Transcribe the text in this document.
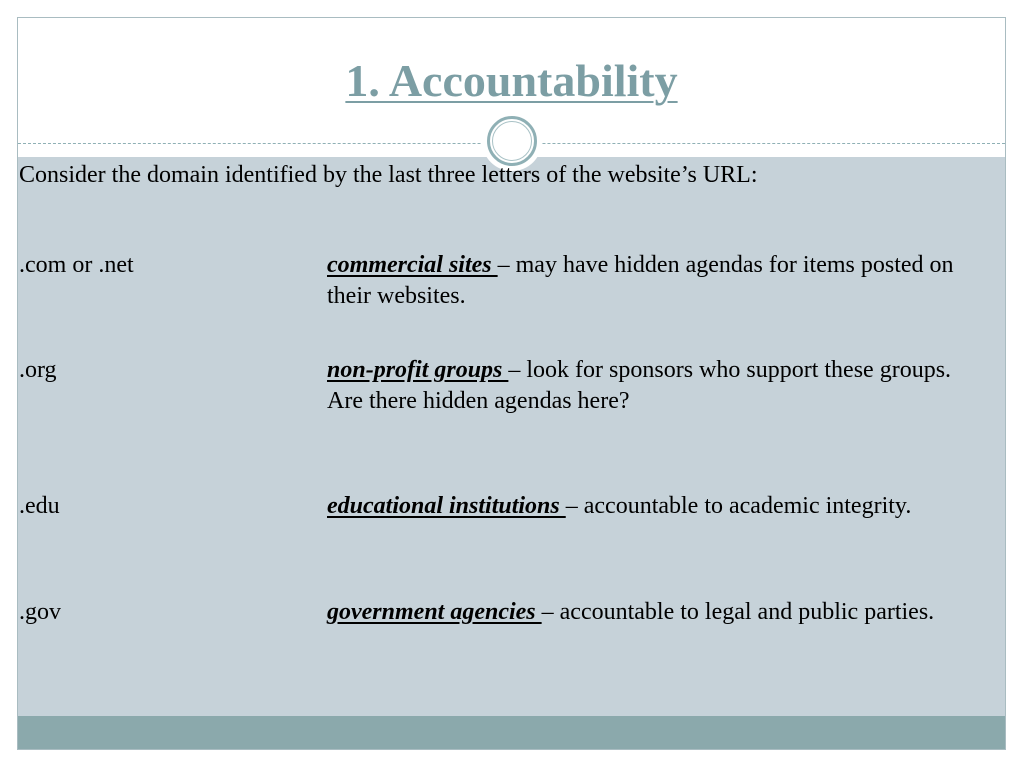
1. Accountability

Consider the domain identified by the last three letters of the website’s URL:

.com or .net	commercial sites – may have hidden agendas for items posted on their websites.
.org	non-profit groups – look for sponsors who support these groups. Are there hidden agendas here?
.edu	educational institutions – accountable to academic integrity.
.gov	government agencies – accountable to legal and public parties.
